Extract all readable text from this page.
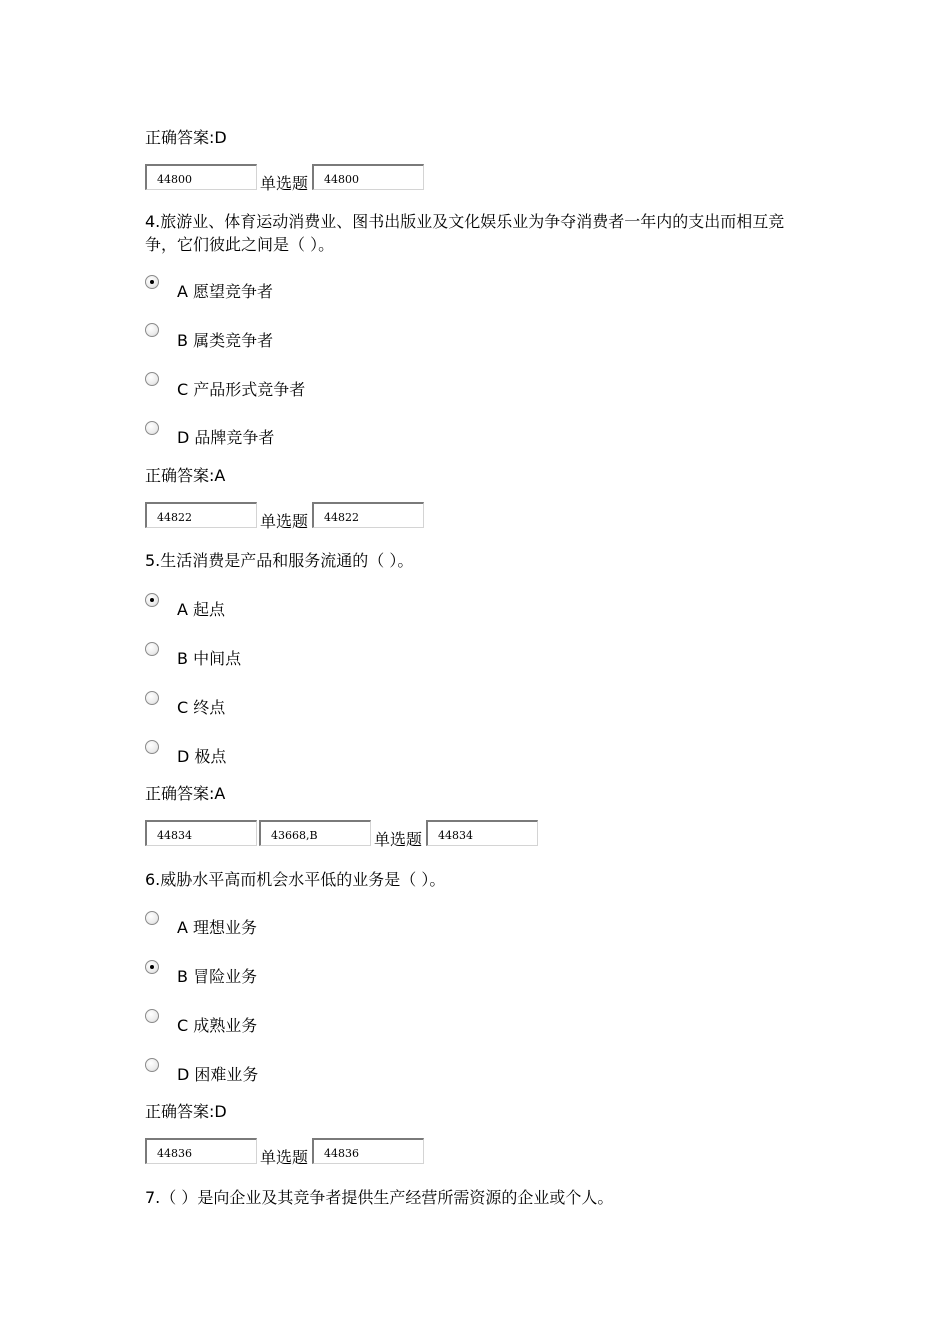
正确答案:D
44800
单选题
44800
4.旅游业、体育运动消费业、图书出版业及文化娱乐业为争夺消费者一年内的支出而相互竞争，它们彼此之间是（ ）。
A 愿望竞争者
B 属类竞争者
C 产品形式竞争者
D 品牌竞争者
正确答案:A
44822
单选题
44822
5.生活消费是产品和服务流通的（ ）。
A 起点
B 中间点
C 终点
D 极点
正确答案:A
44834
43668,B
单选题
44834
6.威胁水平高而机会水平低的业务是（ ）。
A 理想业务
B 冒险业务
C 成熟业务
D 困难业务
正确答案:D
44836
单选题
44836
7.（ ）是向企业及其竞争者提供生产经营所需资源的企业或个人。
